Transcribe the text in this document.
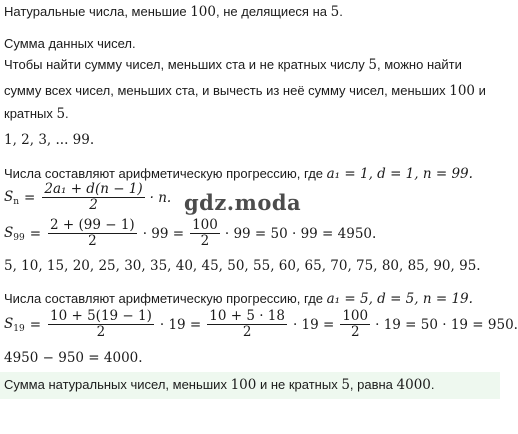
Натуральные числа, меньшие 100, не делящиеся на 5.
Сумма данных чисел.
Чтобы найти сумму чисел, меньших ста и не кратных числу 5, можно найти
сумму всех чисел, меньших ста, и вычесть из неё сумму чисел, меньших 100 и
кратных 5.
1, 2, 3, ... 99.
Числа составляют арифметическую прогрессию, где a₁ = 1, d = 1, n = 99.
$S_n = \frac{\text{2a₁ + d(n − 1)}}{2} \cdot n$.
$S_{99} = \frac{2 + (99 - 1)}{2} \cdot 99 = \frac{100}{2} \cdot 99 = 50 \cdot 99 = 4950$.
5, 10, 15, 20, 25, 30, 35, 40, 45, 50, 55, 60, 65, 70, 75, 80, 85, 90, 95.
Числа составляют арифметическую прогрессию, где a₁ = 5, d = 5, n = 19.
$S_{19} = \frac{10 + 5(19 - 1)}{2} \cdot 19 = \frac{10 + 5 \cdot 18}{2} \cdot 19 = \frac{100}{2} \cdot 19 = 50 \cdot 19 = 950$.
4950 − 950 = 4000.
Сумма натуральных чисел, меньших 100 и не кратных 5, равна 4000.
gdz.moda
